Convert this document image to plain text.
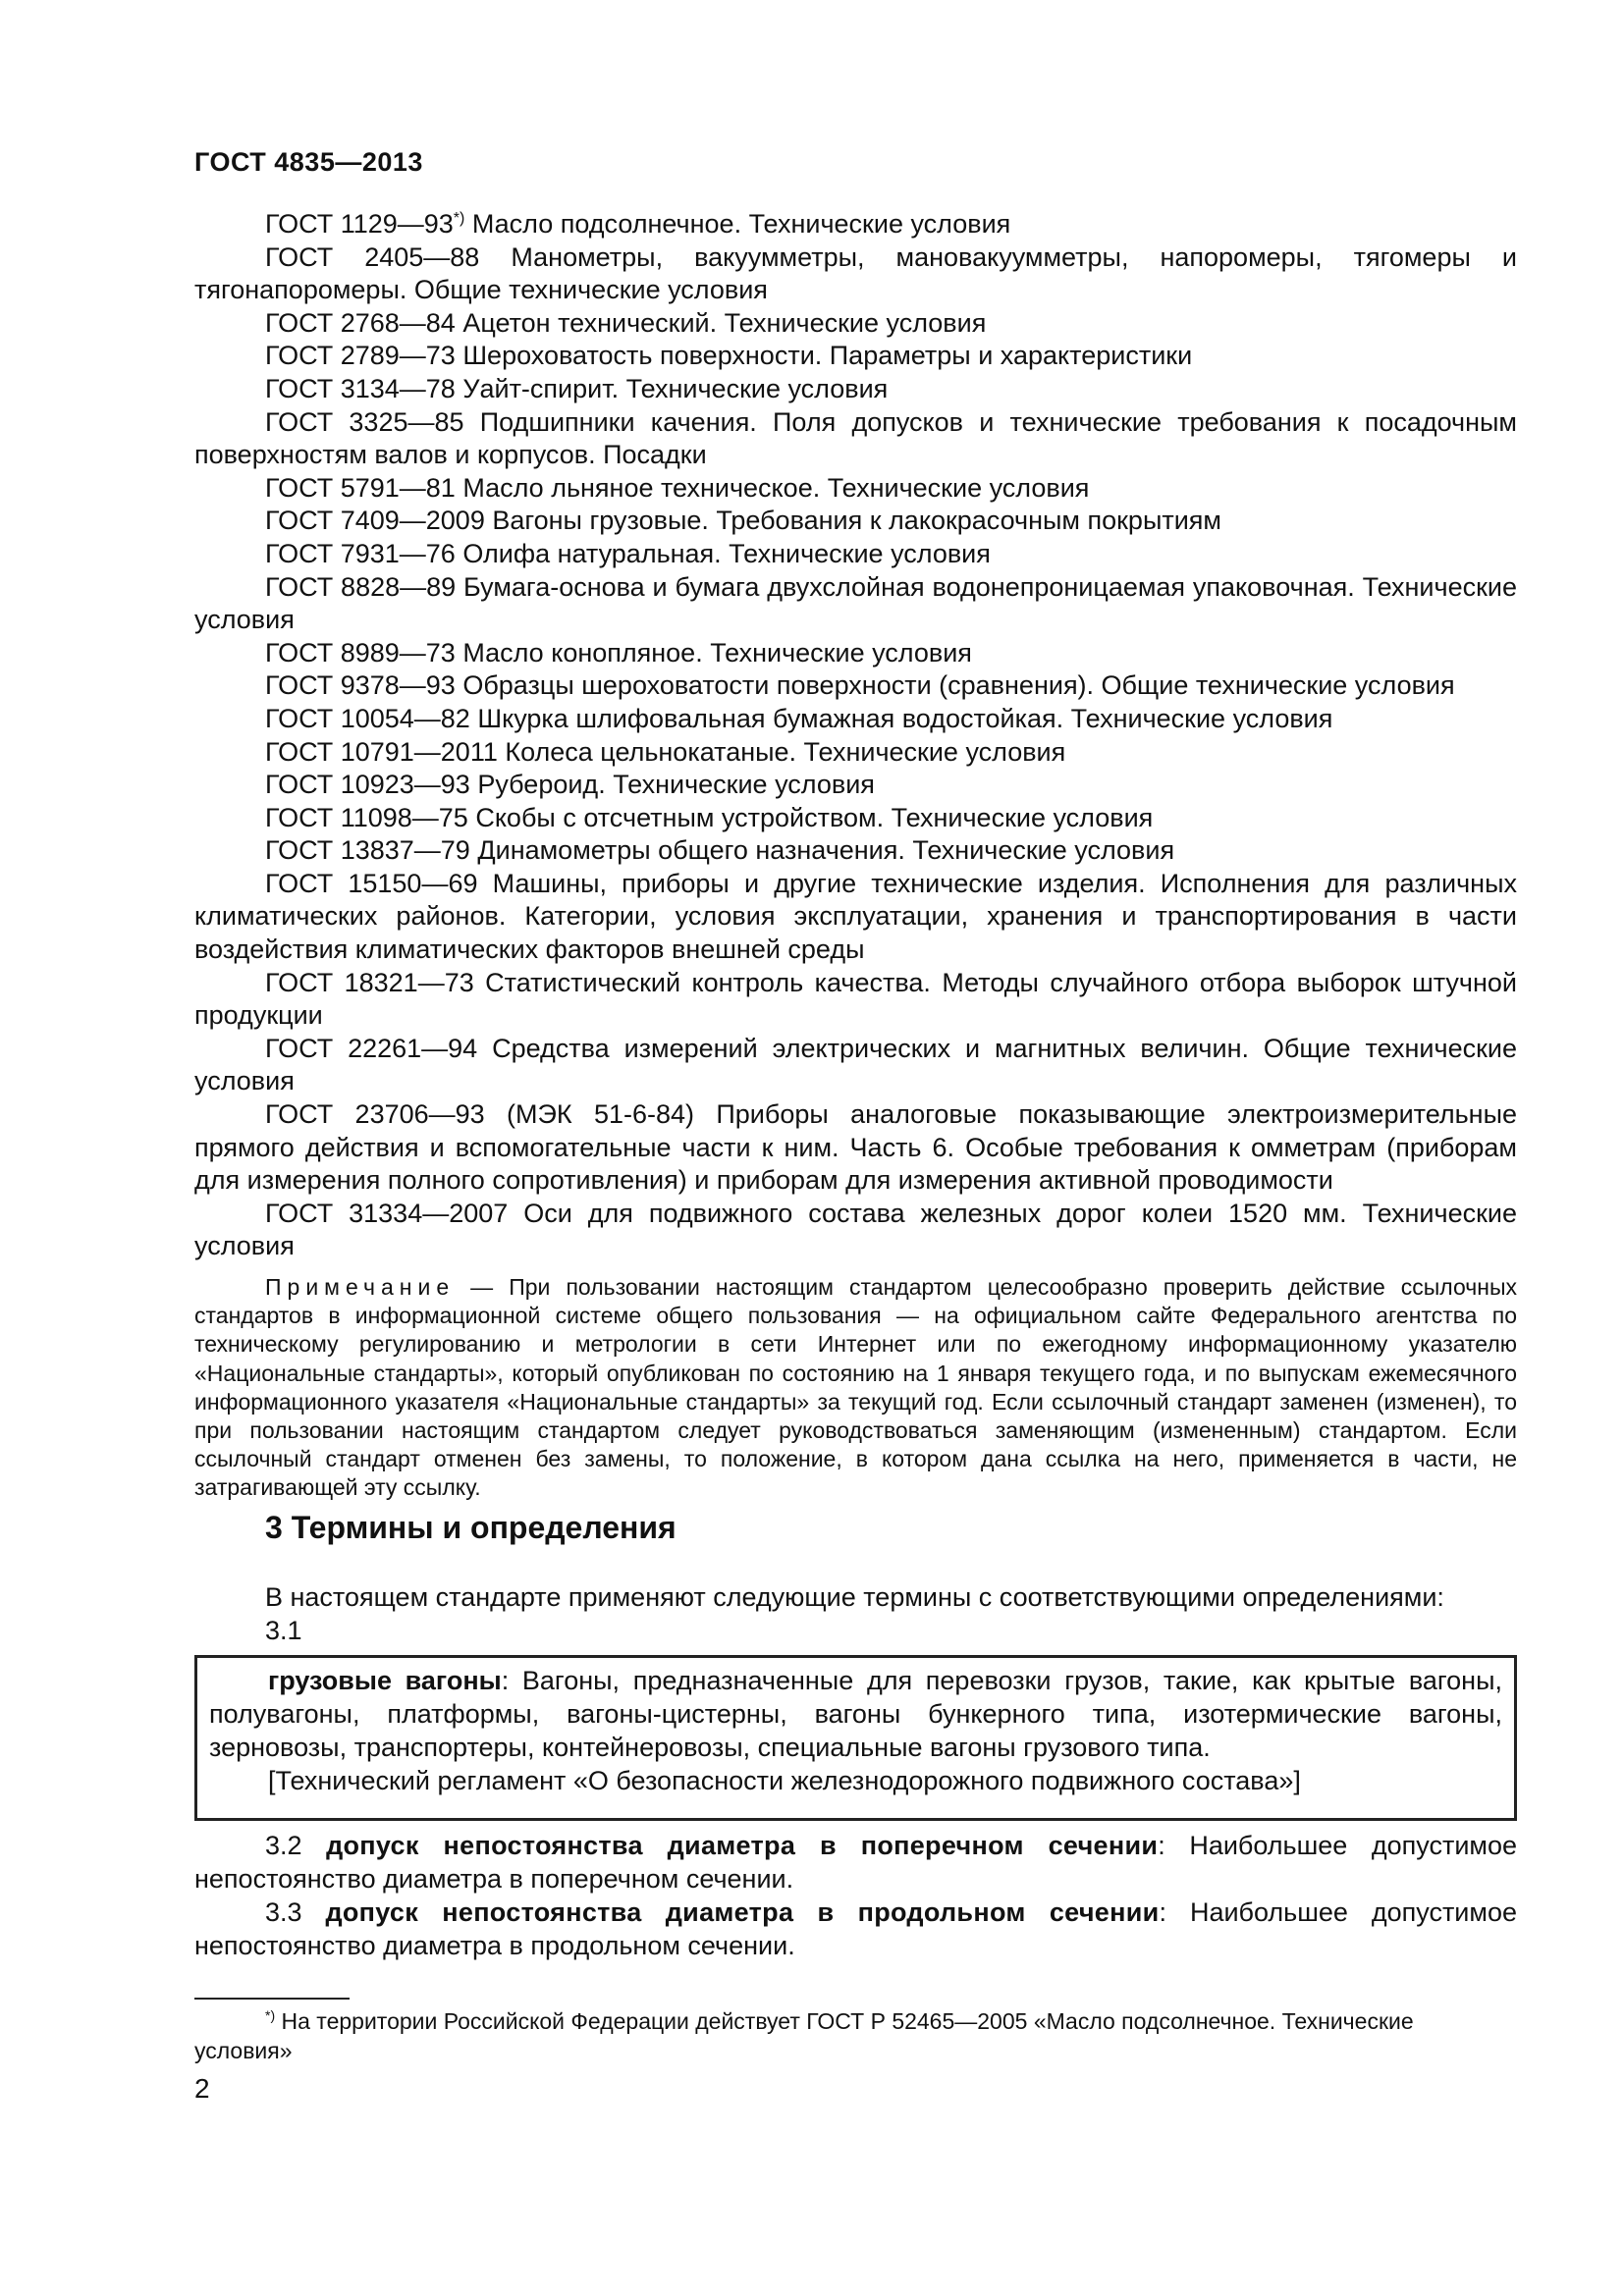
ГОСТ 4835—2013

ГОСТ 1129—93*) Масло подсолнечное. Технические условия

ГОСТ 2405—88 Манометры, вакуумметры, мановакуумметры, напоромеры, тягомеры и тягонапоромеры. Общие технические условия

ГОСТ 2768—84 Ацетон технический. Технические условия

ГОСТ 2789—73 Шероховатость поверхности. Параметры и характеристики

ГОСТ 3134—78 Уайт-спирит. Технические условия

ГОСТ 3325—85 Подшипники качения. Поля допусков и технические требования к посадочным поверхностям валов и корпусов. Посадки

ГОСТ 5791—81 Масло льняное техническое. Технические условия

ГОСТ 7409—2009 Вагоны грузовые. Требования к лакокрасочным покрытиям

ГОСТ 7931—76 Олифа натуральная. Технические условия

ГОСТ 8828—89 Бумага-основа и бумага двухслойная водонепроницаемая упаковочная. Технические условия

ГОСТ 8989—73 Масло конопляное. Технические условия

ГОСТ 9378—93 Образцы шероховатости поверхности (сравнения). Общие технические условия

ГОСТ 10054—82 Шкурка шлифовальная бумажная водостойкая. Технические условия

ГОСТ 10791—2011 Колеса цельнокатаные. Технические условия

ГОСТ 10923—93 Рубероид. Технические условия

ГОСТ 11098—75 Скобы с отсчетным устройством. Технические условия

ГОСТ 13837—79 Динамометры общего назначения. Технические условия

ГОСТ 15150—69 Машины, приборы и другие технические изделия. Исполнения для различных климатических районов. Категории, условия эксплуатации, хранения и транспортирования в части воздействия климатических факторов внешней среды

ГОСТ 18321—73 Статистический контроль качества. Методы случайного отбора выборок штучной продукции

ГОСТ 22261—94 Средства измерений электрических и магнитных величин. Общие технические условия

ГОСТ 23706—93 (МЭК 51-6-84) Приборы аналоговые показывающие электроизмерительные прямого действия и вспомогательные части к ним. Часть 6. Особые требования к омметрам (приборам для измерения полного сопротивления) и приборам для измерения активной проводимости

ГОСТ 31334—2007 Оси для подвижного состава железных дорог колеи 1520 мм. Технические условия

Примечание — При пользовании настоящим стандартом целесообразно проверить действие ссылочных стандартов в информационной системе общего пользования — на официальном сайте Федерального агентства по техническому регулированию и метрологии в сети Интернет или по ежегодному информационному указателю «Национальные стандарты», который опубликован по состоянию на 1 января текущего года, и по выпускам ежемесячного информационного указателя «Национальные стандарты» за текущий год. Если ссылочный стандарт заменен (изменен), то при пользовании настоящим стандартом следует руководствоваться заменяющим (измененным) стандартом. Если ссылочный стандарт отменен без замены, то положение, в котором дана ссылка на него, применяется в части, не затрагивающей эту ссылку.

3 Термины и определения
В настоящем стандарте применяют следующие термины с соответствующими определениями:
3.1

грузовые вагоны: Вагоны, предназначенные для перевозки грузов, такие, как крытые вагоны, полувагоны, платформы, вагоны-цистерны, вагоны бункерного типа, изотермические вагоны, зерновозы, транспортеры, контейнеровозы, специальные вагоны грузового типа.

[Технический регламент «О безопасности железнодорожного подвижного состава»]

3.2 допуск непостоянства диаметра в поперечном сечении: Наибольшее допустимое непостоянство диаметра в поперечном сечении.

3.3 допуск непостоянства диаметра в продольном сечении: Наибольшее допустимое непостоянство диаметра в продольном сечении.

*) На территории Российской Федерации действует ГОСТ Р 52465—2005 «Масло подсолнечное. Технические условия»

2
